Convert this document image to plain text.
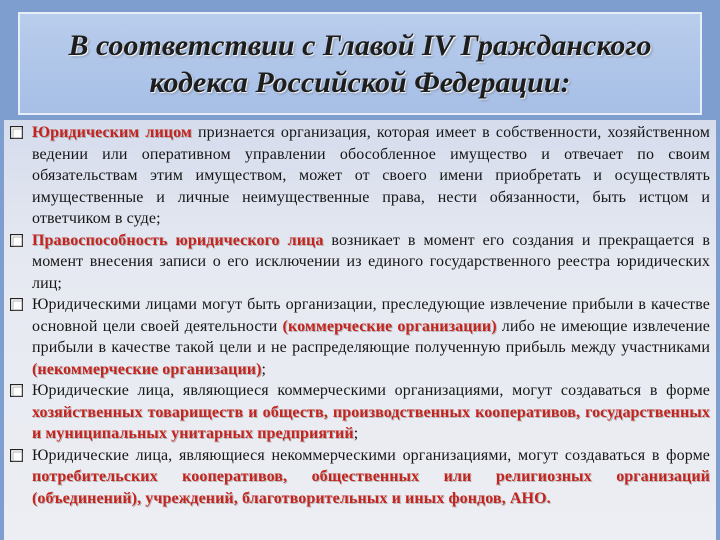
В соответствии с Главой IV Гражданского
кодекса Российской Федерации:
Юридическим лицом признается организация, которая имеет в собственности, хозяйственном ведении или оперативном управлении обособленное имущество и отвечает по своим обязательствам этим имуществом, может от своего имени приобретать и осуществлять имущественные и личные неимущественные права, нести обязанности, быть истцом и ответчиком в суде;
Правоспособность юридического лица возникает в момент его создания и прекращается в момент внесения записи о его исключении из единого государственного реестра юридических лиц;
Юридическими лицами могут быть организации, преследующие извлечение прибыли в качестве основной цели своей деятельности (коммерческие организации) либо не имеющие извлечение прибыли в качестве такой цели и не распределяющие полученную прибыль между участниками (некоммерческие организации);
Юридические лица, являющиеся коммерческими организациями, могут создаваться в форме хозяйственных товариществ и обществ, производственных кооперативов, государственных и муниципальных унитарных предприятий;
Юридические лица, являющиеся некоммерческими организациями, могут создаваться в форме потребительских кооперативов, общественных или религиозных организаций (объединений), учреждений, благотворительных и иных фондов, АНО.
